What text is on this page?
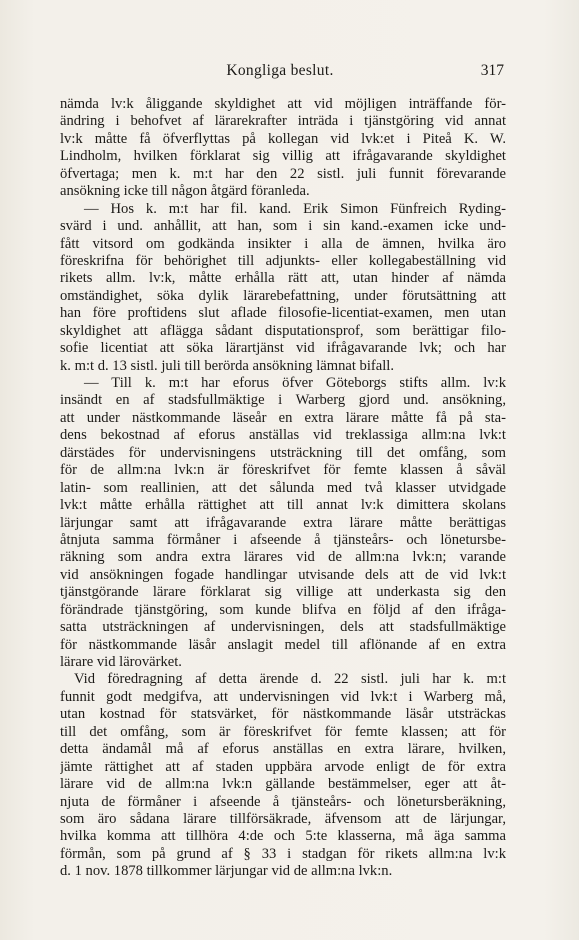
Kongliga beslut.	317
nämda lv:k åliggande skyldighet att vid möjligen inträffande för-
ändring i behofvet af lärarekrafter inträda i tjänstgöring vid annat
lv:k måtte få öfverflyttas på kollegan vid lvk:et i Piteå K. W.
Lindholm, hvilken förklarat sig villig att ifrågavarande skyldighet
öfvertaga; men k. m:t har den 22 sistl. juli funnit förevarande
ansökning icke till någon åtgärd föranleda.
— Hos k. m:t har fil. kand. Erik Simon Fünfreich Ryding-
svärd i und. anhållit, att han, som i sin kand.-examen icke und-
fått vitsord om godkända insikter i alla de ämnen, hvilka äro
föreskrifna för behörighet till adjunkts- eller kollegabeställning vid
rikets allm. lv:k, måtte erhålla rätt att, utan hinder af nämda
omständighet, söka dylik lärarebefattning, under förutsättning att
han före proftidens slut aflade filosofie-licentiat-examen, men utan
skyldighet att aflägga sådant disputationsprof, som berättigar filo-
sofie licentiat att söka lärartjänst vid ifrågavarande lvk; och har
k. m:t d. 13 sistl. juli till berörda ansökning lämnat bifall.
— Till k. m:t har eforus öfver Göteborgs stifts allm. lv:k
insändt en af stadsfullmäktige i Warberg gjord und. ansökning,
att under nästkommande läseår en extra lärare måtte få på sta-
dens bekostnad af eforus anställas vid treklassiga allm:na lvk:t
därstädes för undervisningens utsträckning till det omfång, som
för de allm:na lvk:n är föreskrifvet för femte klassen å såväl
latin- som reallinien, att det sålunda med två klasser utvidgade
lvk:t måtte erhålla rättighet att till annat lv:k dimittera skolans
lärjungar samt att ifrågavarande extra lärare måtte berättigas
åtnjuta samma förmåner i afseende å tjänsteårs- och lönetursbe-
räkning som andra extra lärares vid de allm:na lvk:n; varande
vid ansökningen fogade handlingar utvisande dels att de vid lvk:t
tjänstgörande lärare förklarat sig villige att underkasta sig den
förändrade tjänstgöring, som kunde blifva en följd af den ifråga-
satta utsträckningen af undervisningen, dels att stadsfullmäktige
för nästkommande läsår anslagit medel till aflönande af en extra
lärare vid lärovärket.
Vid föredragning af detta ärende d. 22 sistl. juli har k. m:t
funnit godt medgifva, att undervisningen vid lvk:t i Warberg må,
utan kostnad för statsvärket, för nästkommande läsår utsträckas
till det omfång, som är föreskrifvet för femte klassen; att för
detta ändamål må af eforus anställas en extra lärare, hvilken,
jämte rättighet att af staden uppbära arvode enligt de för extra
lärare vid de allm:na lvk:n gällande bestämmelser, eger att åt-
njuta de förmåner i afseende å tjänsteårs- och lönetursberäkning,
som äro sådana lärare tillförsäkrade, äfvensom att de lärjungar,
hvilka komma att tillhöra 4:de och 5:te klasserna, må äga samma
förmån, som på grund af § 33 i stadgan för rikets allm:na lv:k
d. 1 nov. 1878 tillkommer lärjungar vid de allm:na lvk:n.
